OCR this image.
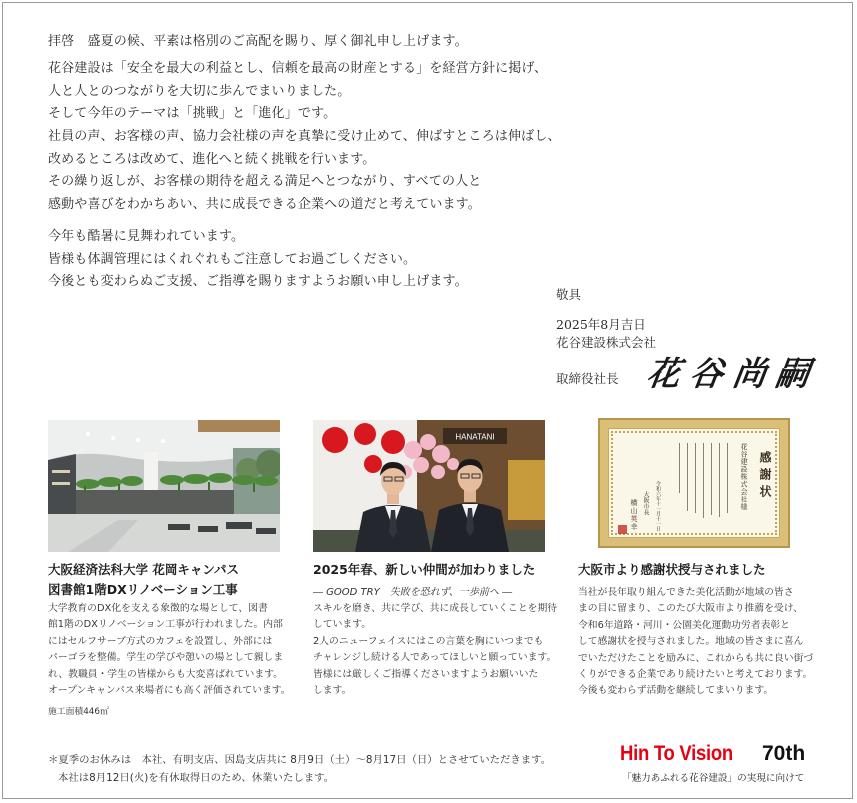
拝啓　盛夏の候、平素は格別のご高配を賜り、厚く御礼申し上げます。
花谷建設は「安全を最大の利益とし、信頼を最高の財産とする」を経営方針に掲げ、
人と人とのつながりを大切に歩んでまいりました。
そして今年のテーマは「挑戦」と「進化」です。
社員の声、お客様の声、協力会社様の声を真摯に受け止めて、伸ばすところは伸ばし、
改めるところは改めて、進化へと続く挑戦を行います。
その繰り返しが、お客様の期待を超える満足へとつながり、すべての人と
感動や喜びをわかちあい、共に成長できる企業への道だと考えています。
今年も酷暑に見舞われています。
皆様も体調管理にはくれぐれもご注意してお過ごしください。
今後とも変わらぬご支援、ご指導を賜りますようお願い申し上げます。
敬具
2025年8月吉日
花谷建設株式会社
取締役社長 花谷尚嗣
HANATANI
感謝状
花谷建設株式会社様
令和六年十一月十一日
大阪市長
横山英幸
大阪経済法科大学 花岡キャンパス
図書館1階DXリノベーション工事
大学教育のDX化を支える象徴的な場として、図書
館1階のDXリノベーション工事が行われました。内部
にはセルフサーブ方式のカフェを設置し、外部には
パーゴラを整備。学生の学びや憩いの場として親しま
れ、教職員・学生の皆様からも大変喜ばれています。
オープンキャンパス来場者にも高く評価されています。
施工面積446㎡
2025年春、新しい仲間が加わりました
― GOOD TRY　失敗を恐れず、一歩前へ ―
スキルを磨き、共に学び、共に成長していくことを期待
しています。
2人のニューフェイスにはこの言葉を胸にいつまでも
チャレンジし続ける人であってほしいと願っています。
皆様には厳しくご指導くださいますようお願いいた
します。
大阪市より感謝状授与されました
当社が長年取り組んできた美化活動が地域の皆さ
まの目に留まり、このたび大阪市より推薦を受け、
令和6年道路・河川・公園美化運動功労者表彰と
して感謝状を授与されました。地域の皆さまに喜ん
でいただけたことを励みに、これからも共に良い街づ
くりができる企業であり続けたいと考えております。
今後も変わらず活動を継続してまいります。
＊夏季のお休みは　本社、有明支店、因島支店共に 8月9日（土）～8月17日（日）とさせていただきます。
本社は8月12日(火)を有休取得日のため、休業いたします。
Hin To Vision 70th
「魅力あふれる花谷建設」の実現に向けて
